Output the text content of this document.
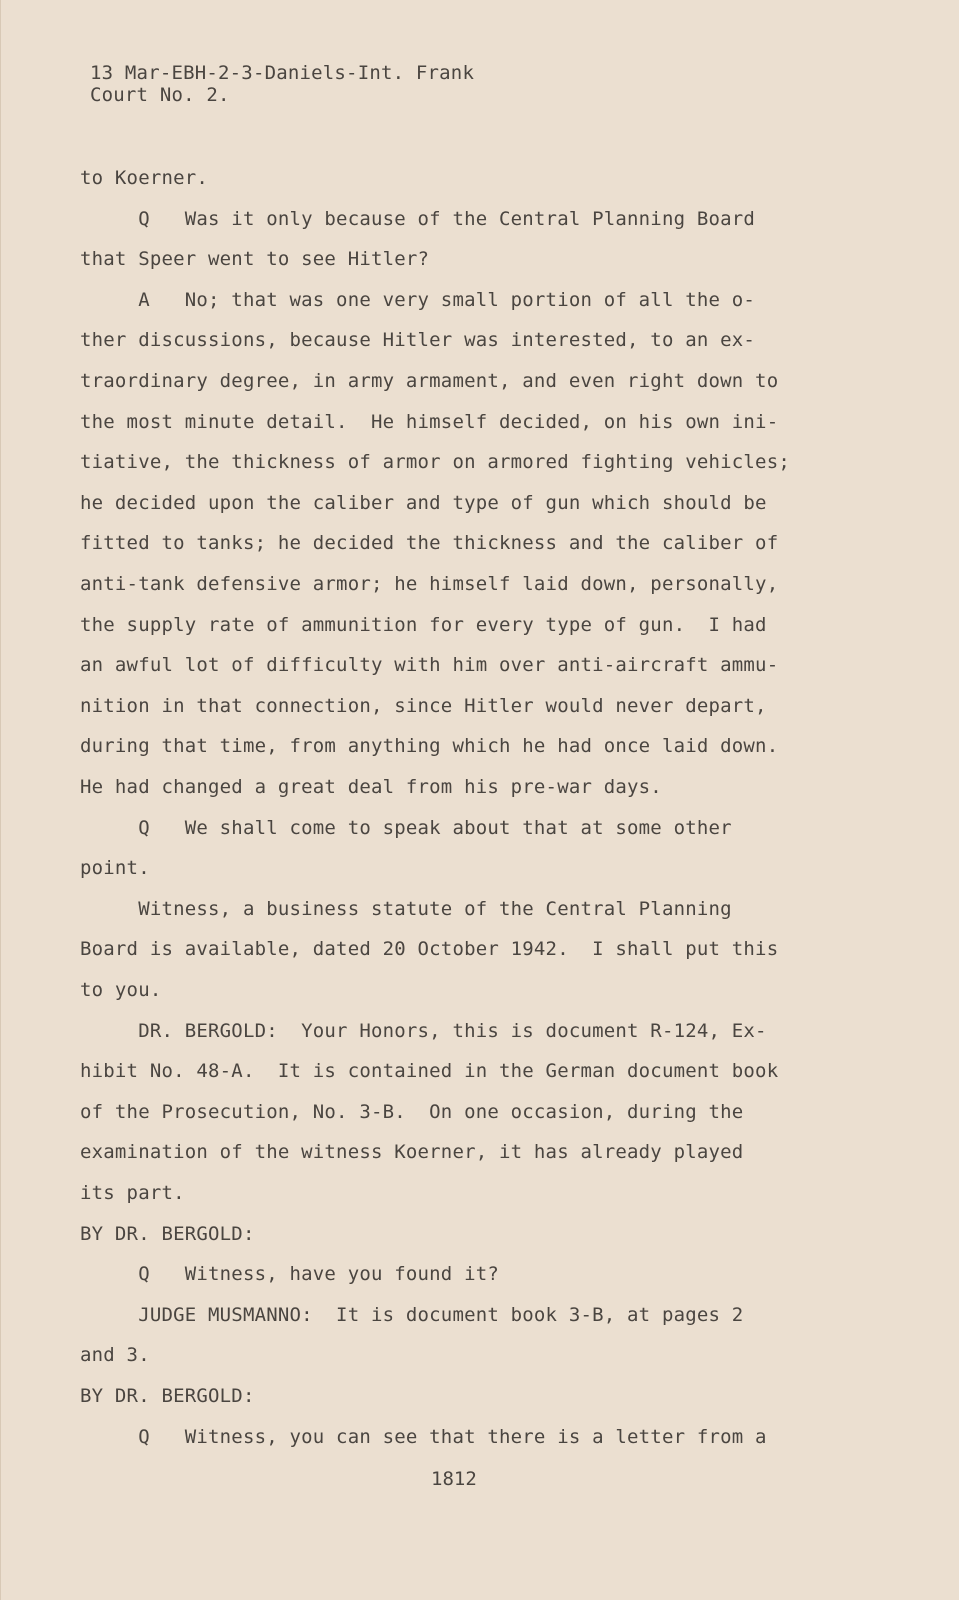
13 Mar-EBH-2-3-Daniels-Int. Frank
Court No. 2.
to Koerner.
Q   Was it only because of the Central Planning Board
that Speer went to see Hitler?
A   No; that was one very small portion of all the o-
ther discussions, because Hitler was interested, to an ex-
traordinary degree, in army armament, and even right down to
the most minute detail.  He himself decided, on his own ini-
tiative, the thickness of armor on armored fighting vehicles;
he decided upon the caliber and type of gun which should be
fitted to tanks; he decided the thickness and the caliber of
anti-tank defensive armor; he himself laid down, personally,
the supply rate of ammunition for every type of gun.  I had
an awful lot of difficulty with him over anti-aircraft ammu-
nition in that connection, since Hitler would never depart,
during that time, from anything which he had once laid down.
He had changed a great deal from his pre-war days.
Q   We shall come to speak about that at some other
point.
Witness, a business statute of the Central Planning
Board is available, dated 20 October 1942.  I shall put this
to you.
DR. BERGOLD:  Your Honors, this is document R-124, Ex-
hibit No. 48-A.  It is contained in the German document book
of the Prosecution, No. 3-B.  On one occasion, during the
examination of the witness Koerner, it has already played
its part.
BY DR. BERGOLD:
Q   Witness, have you found it?
JUDGE MUSMANNO:  It is document book 3-B, at pages 2
and 3.
BY DR. BERGOLD:
Q   Witness, you can see that there is a letter from a
1812
